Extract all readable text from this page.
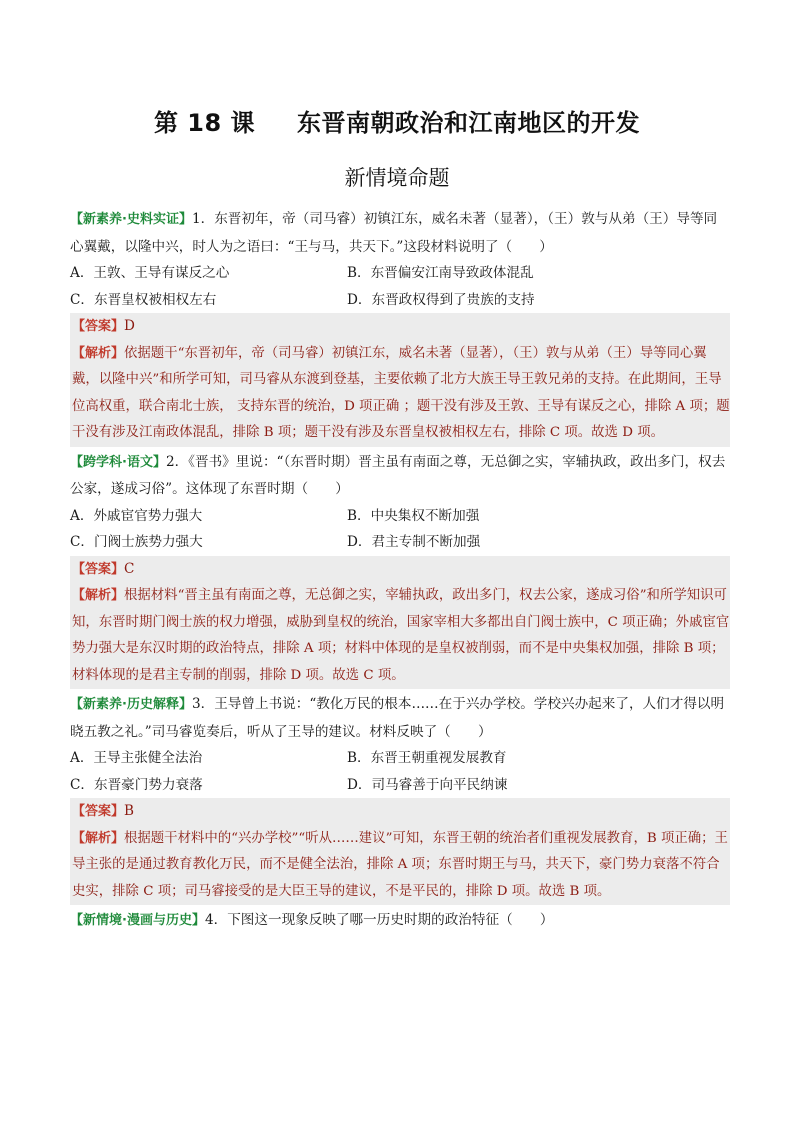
第 18 课 东晋南朝政治和江南地区的开发
新情境命题

【新素养·史料实证】1．东晋初年，帝（司马睿）初镇江东，威名未著（显著），（王）敦与从弟（王）导等同心翼戴，以隆中兴，时人为之语曰：“王与马，共天下。”这段材料说明了（　　）

A．王敦、王导有谋反之心	B．东晋偏安江南导致政体混乱
C．东晋皇权被相权左右	D．东晋政权得到了贵族的支持
【答案】D
【解析】依据题干“东晋初年，帝（司马睿）初镇江东，威名未著（显著），（王）敦与从弟（王）导等同心翼戴，以隆中兴”和所学可知，司马睿从东渡到登基，主要依赖了北方大族王导王敦兄弟的支持。在此期间，王导位高权重，联合南北士族， 支持东晋的统治，D 项正确 ；题干没有涉及王敦、王导有谋反之心，排除 A 项；题干没有涉及江南政体混乱，排除 B 项；题干没有涉及东晋皇权被相权左右，排除 C 项。故选 D 项。

【跨学科·语文】2．《晋书》里说：“（东晋时期）晋主虽有南面之尊，无总御之实，宰辅执政，政出多门，权去公家，遂成习俗”。这体现了东晋时期（　　）

A．外戚宦官势力强大	B．中央集权不断加强
C．门阀士族势力强大	D．君主专制不断加强
【答案】C
【解析】根据材料“晋主虽有南面之尊，无总御之实，宰辅执政，政出多门，权去公家，遂成习俗”和所学知识可知，东晋时期门阀士族的权力增强，威胁到皇权的统治，国家宰相大多都出自门阀士族中，C 项正确；外戚宦官势力强大是东汉时期的政治特点，排除 A 项；材料中体现的是皇权被削弱，而不是中央集权加强，排除 B 项；材料体现的是君主专制的削弱，排除 D 项。故选 C 项。

【新素养·历史解释】3．王导曾上书说：“教化万民的根本……在于兴办学校。学校兴办起来了，人们才得以明晓五教之礼。”司马睿览奏后，听从了王导的建议。材料反映了（　　）

A．王导主张健全法治	B．东晋王朝重视发展教育
C．东晋豪门势力衰落	D．司马睿善于向平民纳谏
【答案】B
【解析】根据题干材料中的“兴办学校”“听从……建议”可知，东晋王朝的统治者们重视发展教育，B 项正确；王导主张的是通过教育教化万民，而不是健全法治，排除 A 项；东晋时期王与马，共天下，豪门势力衰落不符合史实，排除 C 项；司马睿接受的是大臣王导的建议，不是平民的，排除 D 项。故选 B 项。

【新情境·漫画与历史】4．下图这一现象反映了哪一历史时期的政治特征（　　）
